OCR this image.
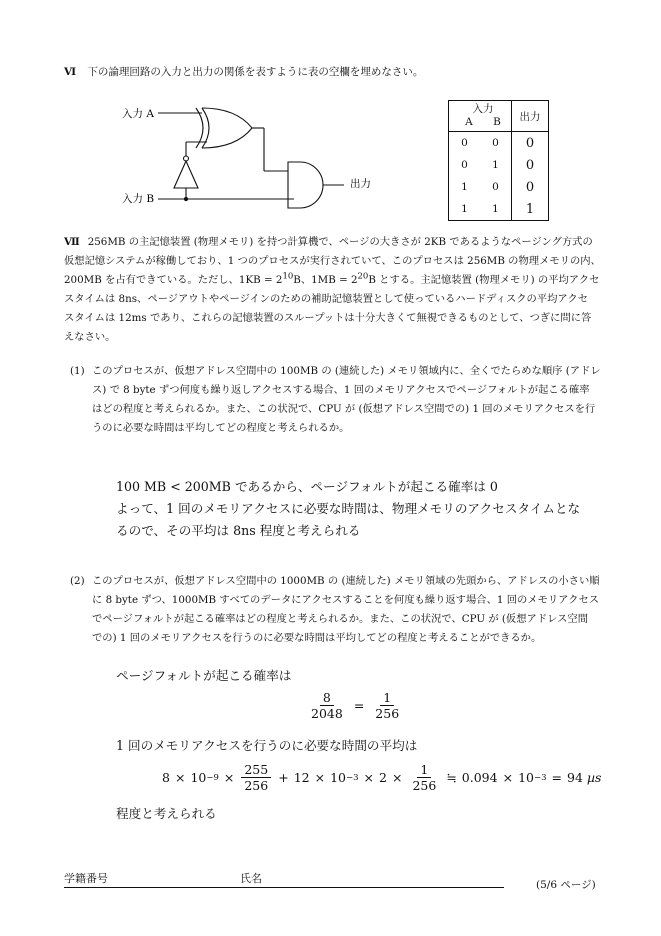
Ⅵ 下の論理回路の入力と出力の関係を表すように表の空欄を埋めなさい。
入力 A
入力 B
出力
入力
A B		出力
0	0	0
0	1	0
1	0	0
1	1	1
Ⅶ 256MB の主記憶装置 (物理メモリ) を持つ計算機で、ページの大きさが 2KB であるようなページング方式の
仮想記憶システムが稼働しており、1 つのプロセスが実行されていて、このプロセスは 256MB の物理メモリの内、
200MB を占有できている。ただし、$1KB = 2^{10}B$、$1MB = 2^{20}B$ とする。主記憶装置 (物理メモリ) の平均アクセ
スタイムは 8ns、ページアウトやページインのための補助記憶装置として使っているハードディスクの平均アクセ
スタイムは 12ms であり、これらの記憶装置のスループットは十分大きくて無視できるものとして、つぎに問に答
えなさい。
(1) このプロセスが、仮想アドレス空間中の 100MB の (連続した) メモリ領域内に、全くでたらめな順序 (アドレ
ス) で 8 byte ずつ何度も繰り返しアクセスする場合、1 回のメモリアクセスでページフォルトが起こる確率
はどの程度と考えられるか。また、この状況で、CPU が (仮想アドレス空間での) 1 回のメモリアクセスを行
うのに必要な時間は平均してどの程度と考えられるか。
100 MB < 200MB であるから、ページフォルトが起こる確率は 0
よって、1 回のメモリアクセスに必要な時間は、物理メモリのアクセスタイムとな
るので、その平均は 8ns 程度と考えられる
(2) このプロセスが、仮想アドレス空間中の 1000MB の (連続した) メモリ領域の先頭から、アドレスの小さい順
に 8 byte ずつ、1000MB すべてのデータにアクセスすることを何度も繰り返す場合、1 回のメモリアクセス
でページフォルトが起こる確率はどの程度と考えられるか。また、この状況で、CPU が (仮想アドレス空間
での) 1 回のメモリアクセスを行うのに必要な時間は平均してどの程度と考えることができるか。
ページフォルトが起こる確率は
$\frac{8}{2048} = \frac{1}{256}$
1 回のメモリアクセスを行うのに必要な時間の平均は
$8 \times 10 -9 \times \frac{255}{256} + 12 \times 10 -3 \times 2 \times \frac{1}{256}$ ≒ 0.094 × 10 −3 = 94
µs
程度と考えられる
学籍番号	氏名	(5/6 ページ)
